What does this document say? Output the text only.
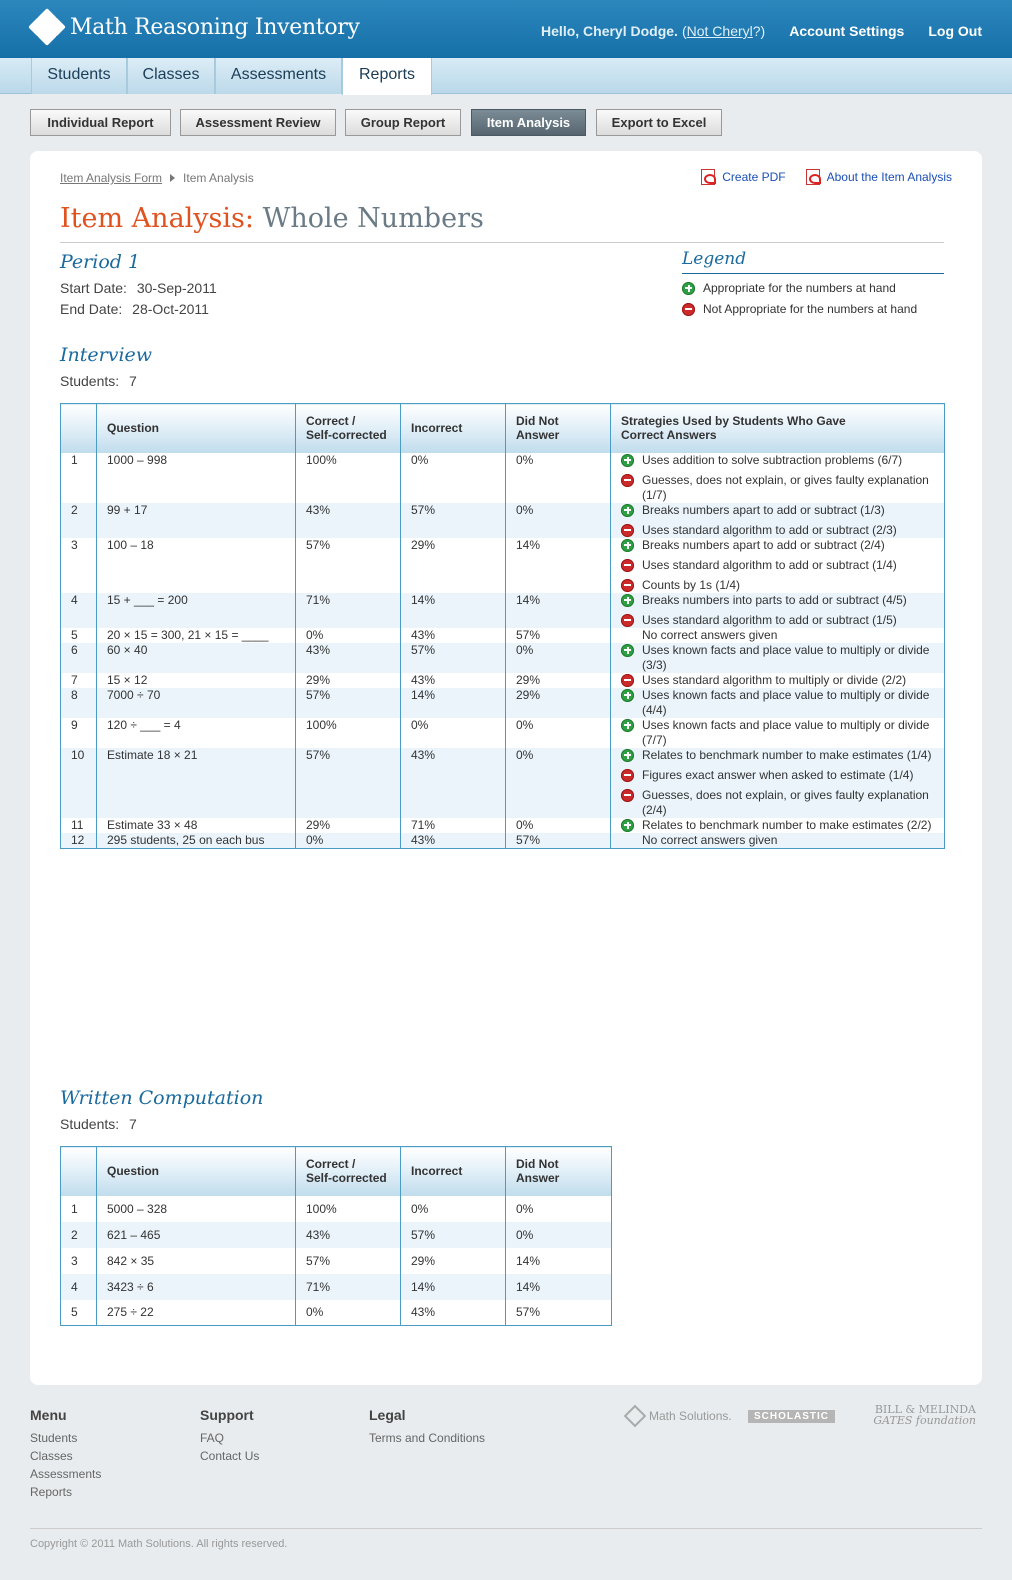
Math Reasoning Inventory	Hello, Cheryl Dodge. (Not Cheryl?) Account Settings Log Out
Students	Classes	Assessments	Reports
Individual Report	Assessment Review	Group Report	Item Analysis	Export to Excel
Item Analysis Form Item Analysis	Create PDF	About the Item Analysis
Item Analysis: Whole Numbers
Period 1
Start Date: 30-Sep-2011
End Date: 28-Oct-2011
Legend
Appropriate for the numbers at hand
Not Appropriate for the numbers at hand
Interview
Students: 7
	Question	Correct /
Self-corrected	Incorrect	Did Not
Answer	Strategies Used by Students Who Gave
Correct Answers
1	1000 – 998	100%	0%	0%	Uses addition to solve subtraction problems (6/7)
Guesses, does not explain, or gives faulty explanation (1/7)

2	99 + 17	43%	57%	0%	Breaks numbers apart to add or subtract (1/3)
Uses standard algorithm to add or subtract (2/3)

3	100 – 18	57%	29%	14%	Breaks numbers apart to add or subtract (2/4)
Uses standard algorithm to add or subtract (1/4)
Counts by 1s (1/4)

4	15 + ___ = 200	71%	14%	14%	Breaks numbers into parts to add or subtract (4/5)
Uses standard algorithm to add or subtract (1/5)

5	20 × 15 = 300, 21 × 15 = ____	0%	43%	57%	No correct answers given

6	60 × 40	43%	57%	0%	Uses known facts and place value to multiply or divide (3/3)

7	15 × 12	29%	43%	29%	Uses standard algorithm to multiply or divide (2/2)

8	7000 ÷ 70	57%	14%	29%	Uses known facts and place value to multiply or divide (4/4)

9	120 ÷ ___ = 4	100%	0%	0%	Uses known facts and place value to multiply or divide (7/7)

10	Estimate 18 × 21	57%	43%	0%	Relates to benchmark number to make estimates (1/4)
Figures exact answer when asked to estimate (1/4)
Guesses, does not explain, or gives faulty explanation (2/4)

11	Estimate 33 × 48	29%	71%	0%	Relates to benchmark number to make estimates (2/2)

12	295 students, 25 on each bus	0%	43%	57%	No correct answers given
Written Computation
Students: 7
	Question	Correct /
Self-corrected	Incorrect	Did Not
Answer
1	5000 – 328	100%	0%	0%
2	621 – 465	43%	57%	0%
3	842 × 35	57%	29%	14%
4	3423 ÷ 6	71%	14%	14%
5	275 ÷ 22	0%	43%	57%
Menu
Students
Classes
Assessments
Reports
Support
FAQ
Contact Us
Legal
Terms and Conditions
Math Solutions.	SCHOLASTIC
BILL & MELINDA
GATES foundation
Copyright © 2011 Math Solutions. All rights reserved.
